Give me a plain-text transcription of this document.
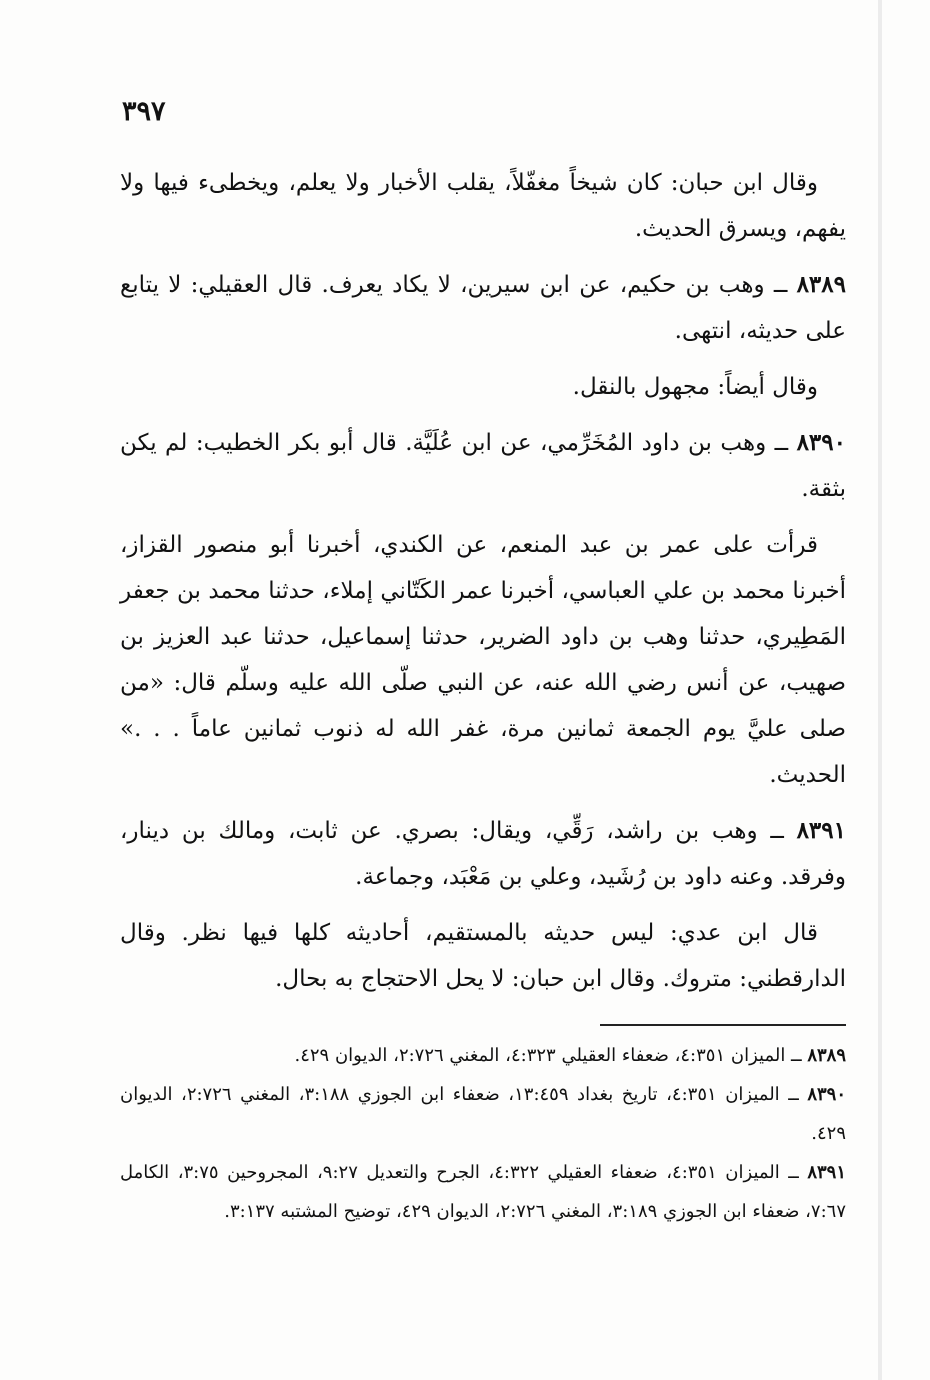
٣٩٧

وقال ابن حبان: كان شيخاً مغفّلاً، يقلب الأخبار ولا يعلم، ويخطىء فيها ولا يفهم، ويسرق الحديث.

٨٣٨٩ ــ وهب بن حكيم، عن ابن سيرين، لا يكاد يعرف. قال العقيلي: لا يتابع على حديثه، انتهى.

وقال أيضاً: مجهول بالنقل.

٨٣٩٠ ــ وهب بن داود المُخَرِّمي، عن ابن عُلَيَّة. قال أبو بكر الخطيب: لم يكن بثقة.

قرأت على عمر بن عبد المنعم، عن الكندي، أخبرنا أبو منصور القزاز، أخبرنا محمد بن علي العباسي، أخبرنا عمر الكَتّاني إملاء، حدثنا محمد بن جعفر المَطِيري، حدثنا وهب بن داود الضرير، حدثنا إسماعيل، حدثنا عبد العزيز بن صهيب، عن أنس رضي الله عنه، عن النبي صلّى الله عليه وسلّم قال: «من صلى عليَّ يوم الجمعة ثمانين مرة، غفر الله له ذنوب ثمانين عاماً . . .» الحديث.

٨٣٩١ ــ وهب بن راشد، رَقِّي، ويقال: بصري. عن ثابت، ومالك بن دينار، وفرقد. وعنه داود بن رُشَيد، وعلي بن مَعْبَد، وجماعة.

قال ابن عدي: ليس حديثه بالمستقيم، أحاديثه كلها فيها نظر. وقال الدارقطني: متروك. وقال ابن حبان: لا يحل الاحتجاج به بحال.

٨٣٨٩ ــ الميزان ٤:٣٥١، ضعفاء العقيلي ٤:٣٢٣، المغني ٢:٧٢٦، الديوان ٤٢٩.

٨٣٩٠ ــ الميزان ٤:٣٥١، تاريخ بغداد ١٣:٤٥٩، ضعفاء ابن الجوزي ٣:١٨٨، المغني ٢:٧٢٦، الديوان ٤٢٩.

٨٣٩١ ــ الميزان ٤:٣٥١، ضعفاء العقيلي ٤:٣٢٢، الجرح والتعديل ٩:٢٧، المجروحين ٣:٧٥، الكامل ٧:٦٧، ضعفاء ابن الجوزي ٣:١٨٩، المغني ٢:٧٢٦، الديوان ٤٢٩، توضيح المشتبه ٣:١٣٧.
